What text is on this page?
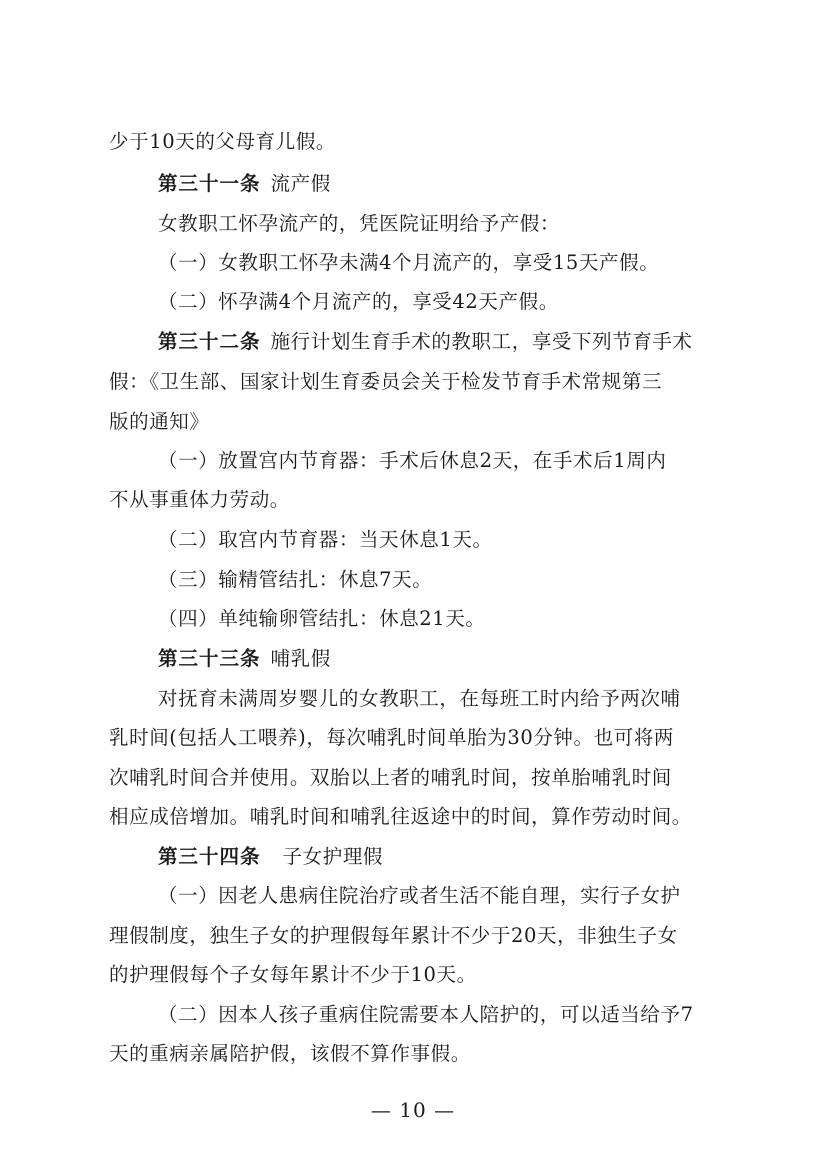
少于10天的父母育儿假。
第三十一条 流产假
女教职工怀孕流产的，凭医院证明给予产假：
（一）女教职工怀孕未满4个月流产的，享受15天产假。
（二）怀孕满4个月流产的，享受42天产假。
第三十二条 施行计划生育手术的教职工，享受下列节育手术
假：《卫生部、国家计划生育委员会关于检发节育手术常规第三
版的通知》
（一）放置宫内节育器：手术后休息2天，在手术后1周内
不从事重体力劳动。
（二）取宫内节育器：当天休息1天。
（三）输精管结扎：休息7天。
（四）单纯输卵管结扎：休息21天。
第三十三条 哺乳假
对抚育未满周岁婴儿的女教职工，在每班工时内给予两次哺
乳时间(包括人工喂养)，每次哺乳时间单胎为30分钟。也可将两
次哺乳时间合并使用。双胎以上者的哺乳时间，按单胎哺乳时间
相应成倍增加。哺乳时间和哺乳往返途中的时间，算作劳动时间。
第三十四条 子女护理假
（一）因老人患病住院治疗或者生活不能自理，实行子女护
理假制度，独生子女的护理假每年累计不少于20天，非独生子女
的护理假每个子女每年累计不少于10天。
（二）因本人孩子重病住院需要本人陪护的，可以适当给予7
天的重病亲属陪护假，该假不算作事假。
— 10 —
